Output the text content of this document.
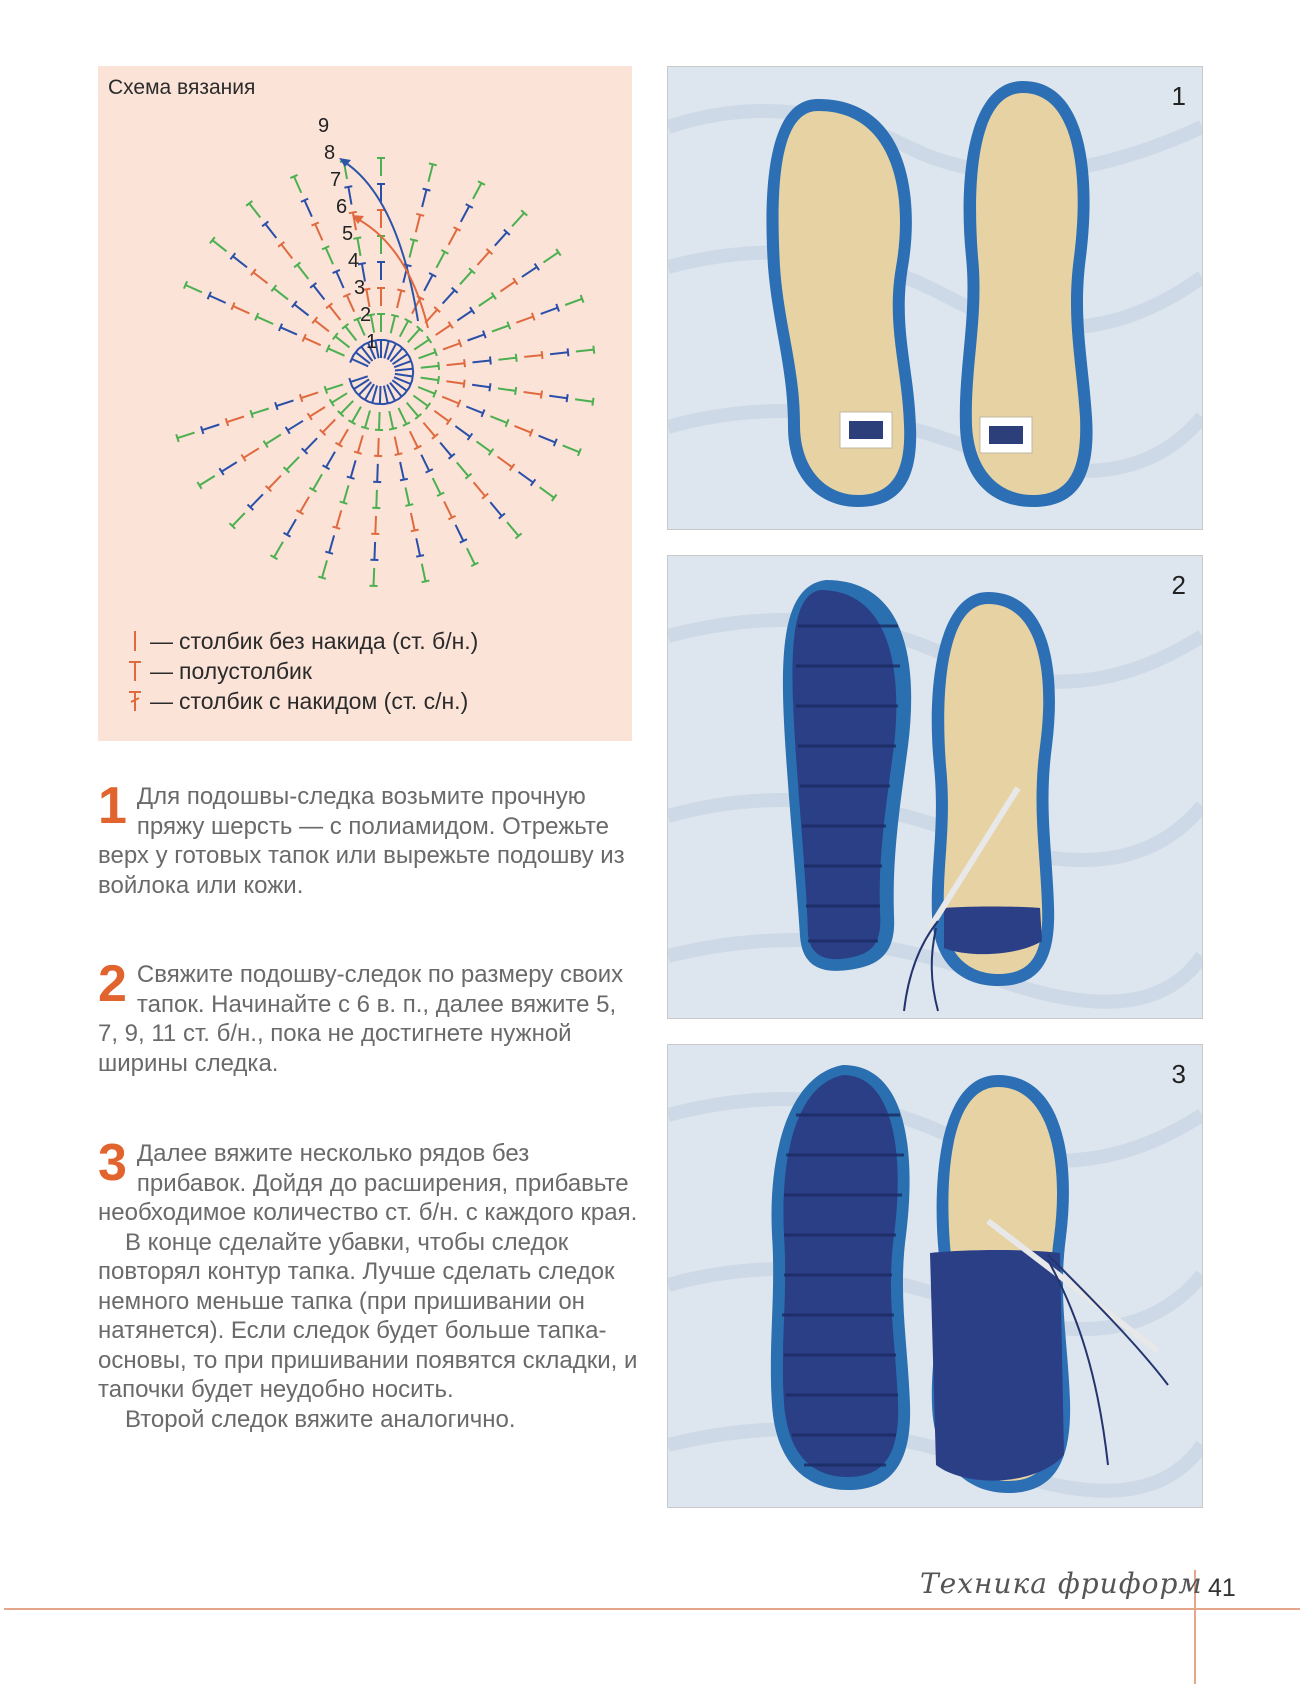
1
2
3
4
5
6
7
8
9
Схема вязания
— столбик без накида (ст. б/н.)
— полустолбик
— столбик с накидом (ст. с/н.)
1 Для подошвы-следка возьмите прочную пряжу шерсть — с полиамидом. Отрежьте верх у готовых тапок или вырежьте подошву из войлока или кожи.

2 Свяжите подошву-следок по размеру своих тапок. Начинайте с 6 в. п., далее вяжите 5, 7, 9, 11 ст. б/н., пока не достигнете нужной ширины следка.

3 Далее вяжите несколько рядов без прибавок. Дойдя до расширения, прибавьте необходимое количество ст. б/н. с каждого края.

В конце сделайте убавки, чтобы следок повторял контур тапка. Лучше сделать следок немного меньше тапка (при пришивании он натянется). Если следок будет больше тапка-основы, то при пришивании появятся складки, и тапочки будет неудобно носить.

Второй следок вяжите аналогично.

1
2
3
Техника фриформ 41
